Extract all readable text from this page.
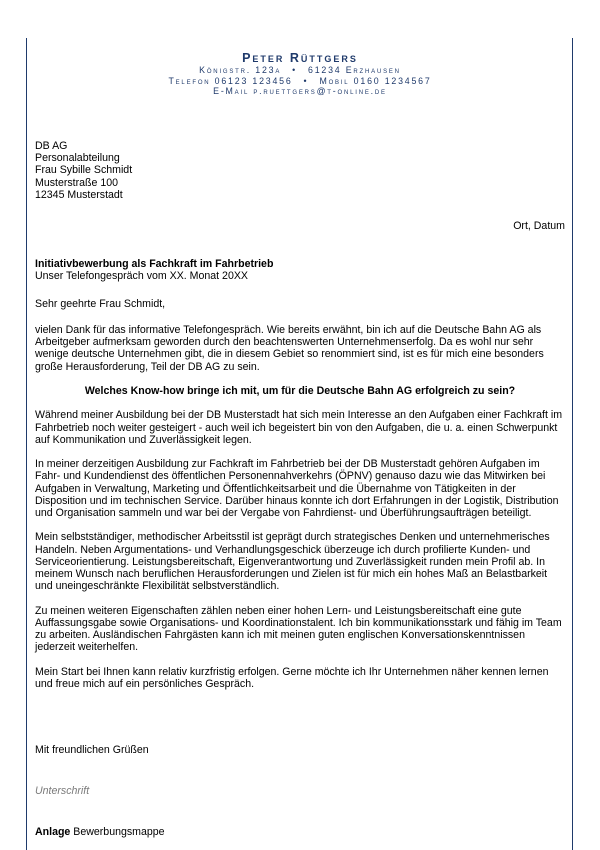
Peter Rüttgers
Königstr. 123a • 61234 Erzhausen
Telefon 06123 123456 • Mobil 0160 1234567
E-Mail p.ruettgers@t-online.de
DB AG
Personalabteilung
Frau Sybille Schmidt
Musterstraße 100
12345 Musterstadt
Ort, Datum
Initiativbewerbung als Fachkraft im Fahrbetrieb
Unser Telefongespräch vom XX. Monat 20XX
Sehr geehrte Frau Schmidt,

vielen Dank für das informative Telefongespräch. Wie bereits erwähnt, bin ich auf die Deutsche Bahn AG als Arbeitgeber aufmerksam geworden durch den beachtenswerten Unternehmenserfolg. Da es wohl nur sehr wenige deutsche Unternehmen gibt, die in diesem Gebiet so renommiert sind, ist es für mich eine besonders große Herausforderung, Teil der DB AG zu sein.

Welches Know-how bringe ich mit, um für die Deutsche Bahn AG erfolgreich zu sein?

Während meiner Ausbildung bei der DB Musterstadt hat sich mein Interesse an den Aufgaben einer Fachkraft im Fahrbetrieb noch weiter gesteigert - auch weil ich begeistert bin von den Aufgaben, die u. a. einen Schwerpunkt auf Kommunikation und Zuverlässigkeit legen.

In meiner derzeitigen Ausbildung zur Fachkraft im Fahrbetrieb bei der DB Musterstadt gehören Aufgaben im Fahr- und Kundendienst des öffentlichen Personennahverkehrs (ÖPNV) genauso dazu wie das Mitwirken bei Aufgaben in Verwaltung, Marketing und Öffentlichkeitsarbeit und die Übernahme von Tätigkeiten in der Disposition und im technischen Service. Darüber hinaus konnte ich dort Erfahrungen in der Logistik, Distribution und Organisation sammeln und war bei der Vergabe von Fahrdienst- und Überführungsaufträgen beteiligt.

Mein selbstständiger, methodischer Arbeitsstil ist geprägt durch strategisches Denken und unternehmerisches Handeln. Neben Argumentations- und Verhandlungsgeschick überzeuge ich durch profilierte Kunden- und Serviceorientierung. Leistungsbereitschaft, Eigenverantwortung und Zuverlässigkeit runden mein Profil ab. In meinem Wunsch nach beruflichen Herausforderungen und Zielen ist für mich ein hohes Maß an Belastbarkeit und uneingeschränkte Flexibilität selbstverständlich.

Zu meinen weiteren Eigenschaften zählen neben einer hohen Lern- und Leistungsbereitschaft eine gute Auffassungsgabe sowie Organisations- und Koordinationstalent. Ich bin kommunikationsstark und fähig im Team zu arbeiten. Ausländischen Fahrgästen kann ich mit meinen guten englischen Konversationskenntnissen jederzeit weiterhelfen.

Mein Start bei Ihnen kann relativ kurzfristig erfolgen. Gerne möchte ich Ihr Unternehmen näher kennen lernen und freue mich auf ein persönliches Gespräch.

Mit freundlichen Grüßen
Unterschrift
Anlage Bewerbungsmappe
